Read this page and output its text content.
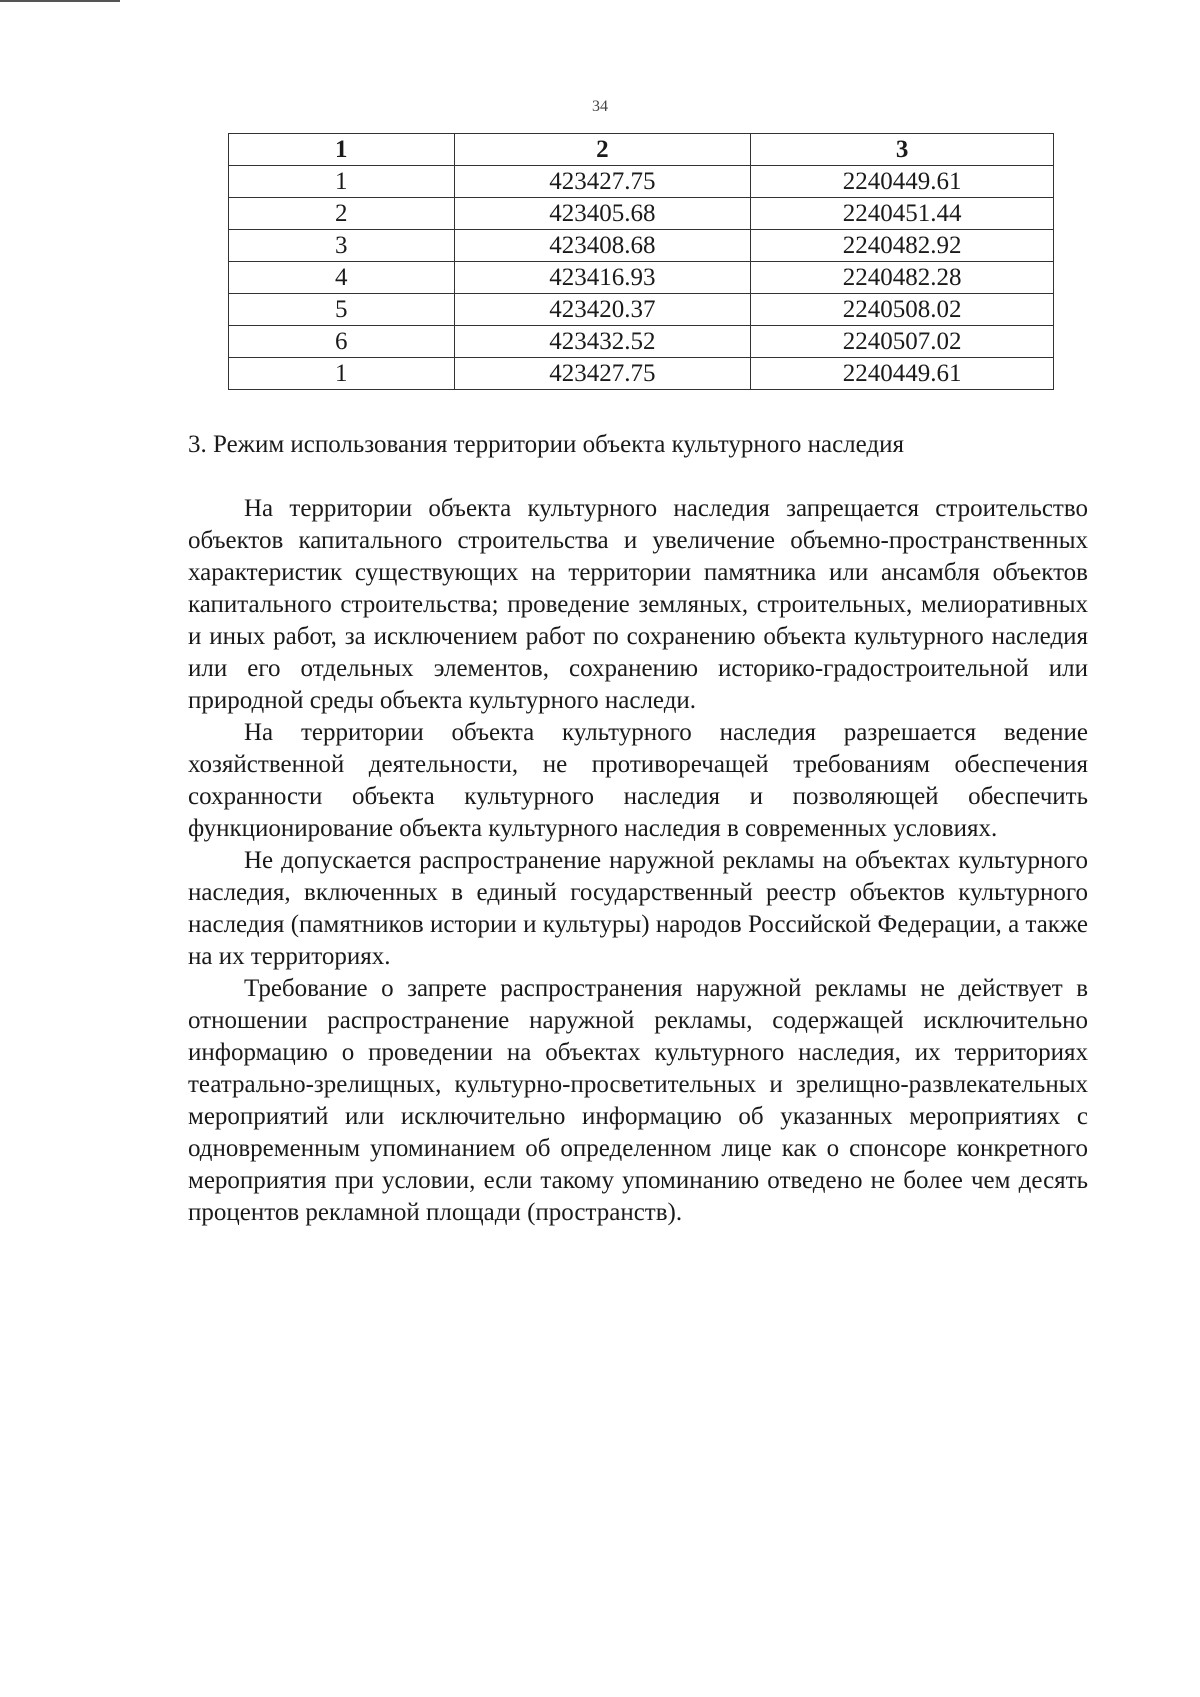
34
1	2	3
1	423427.75	2240449.61
2	423405.68	2240451.44
3	423408.68	2240482.92
4	423416.93	2240482.28
5	423420.37	2240508.02
6	423432.52	2240507.02
1	423427.75	2240449.61
3. Режим использования территории объекта культурного наследия

На территории объекта культурного наследия запрещается строительство объектов капитального строительства и увеличение объемно-пространственных характеристик существующих на территории памятника или ансамбля объектов капитального строительства; проведение земляных, строительных, мелиоративных и иных работ, за исключением работ по сохранению объекта культурного наследия или его отдельных элементов, сохранению историко-градостроительной или природной среды объекта культурного наследи.

На территории объекта культурного наследия разрешается ведение хозяйственной деятельности, не противоречащей требованиям обеспечения сохранности объекта культурного наследия и позволяющей обеспечить функционирование объекта культурного наследия в современных условиях.

Не допускается распространение наружной рекламы на объектах культурного наследия, включенных в единый государственный реестр объектов культурного наследия (памятников истории и культуры) народов Российской Федерации, а также на их территориях.

Требование о запрете распространения наружной рекламы не действует в отношении распространение наружной рекламы, содержащей исключительно информацию о проведении на объектах культурного наследия, их территориях театрально-зрелищных, культурно-просветительных и зрелищно-развлекательных мероприятий или исключительно информацию об указанных мероприятиях с одновременным упоминанием об определенном лице как о спонсоре конкретного мероприятия при условии, если такому упоминанию отведено не более чем десять процентов рекламной площади (пространств).
